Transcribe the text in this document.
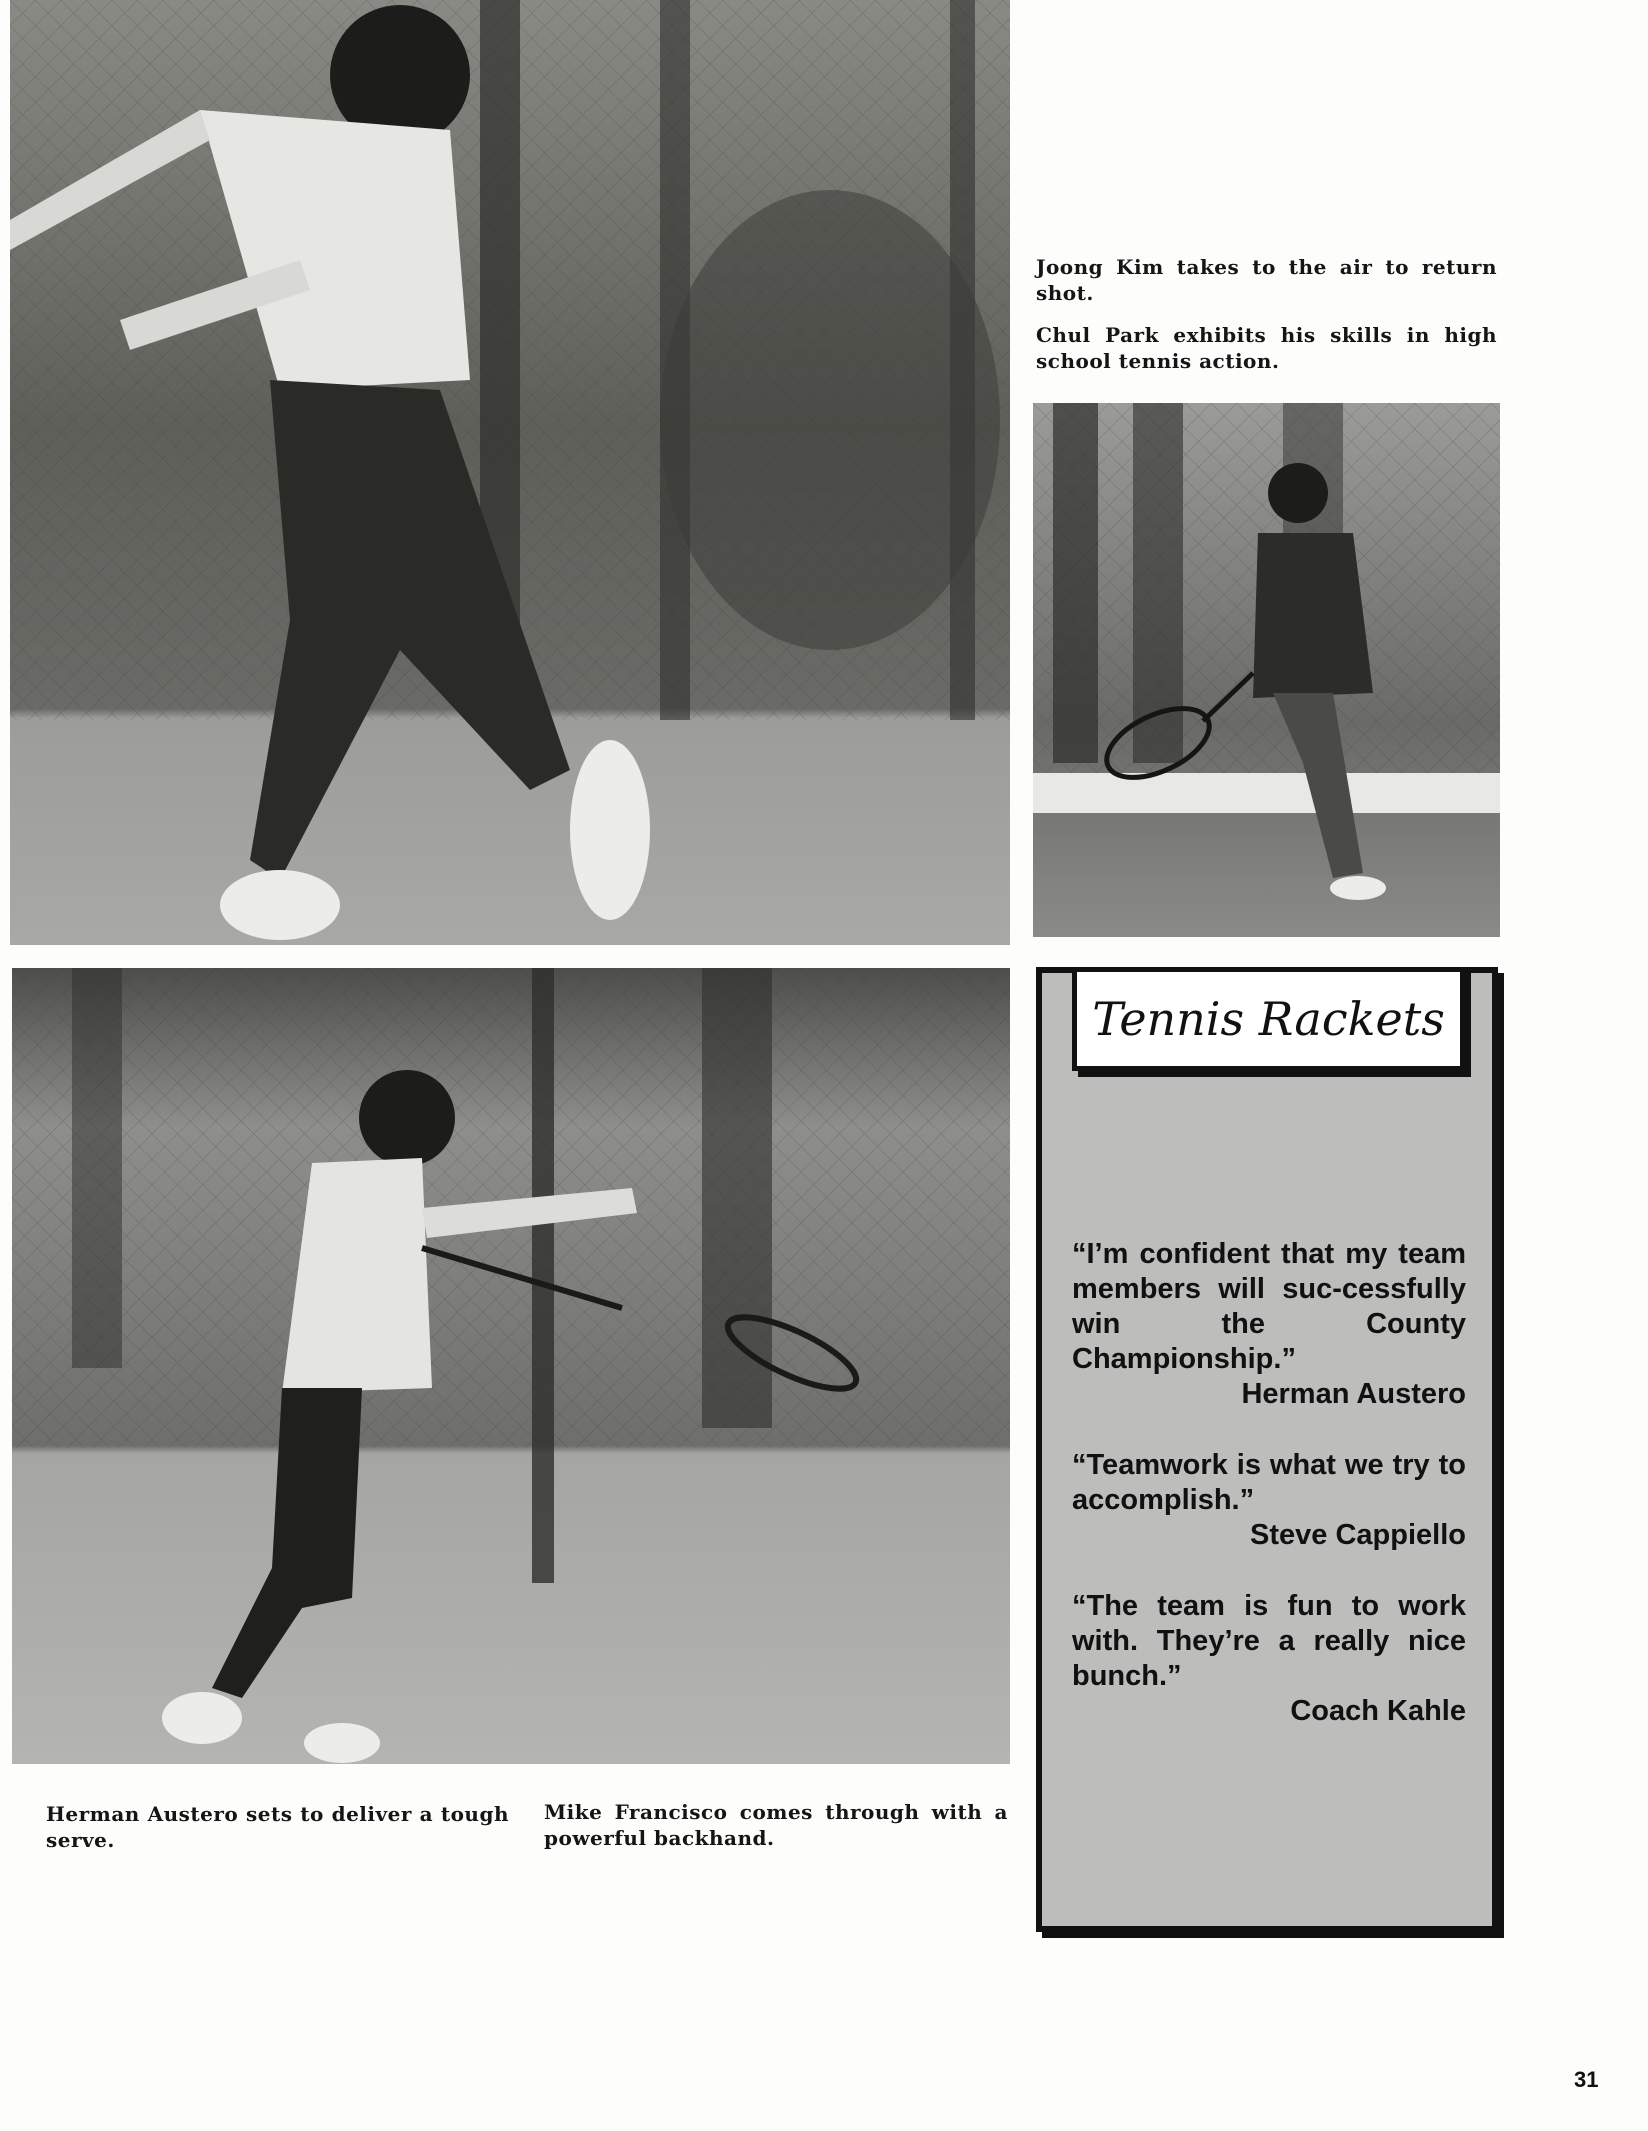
Joong Kim takes to the air to return shot.

Chul Park exhibits his skills in high school tennis action.

Herman Austero sets to deliver a tough serve.

Mike Francisco comes through with a powerful backhand.

Tennis Rackets
“I’m confident that my team members will suc-cessfully win the County Championship.”
Herman Austero
“Teamwork is what we try to accomplish.”
Steve Cappiello
“The team is fun to work with. They’re a really nice bunch.”
Coach Kahle
31
